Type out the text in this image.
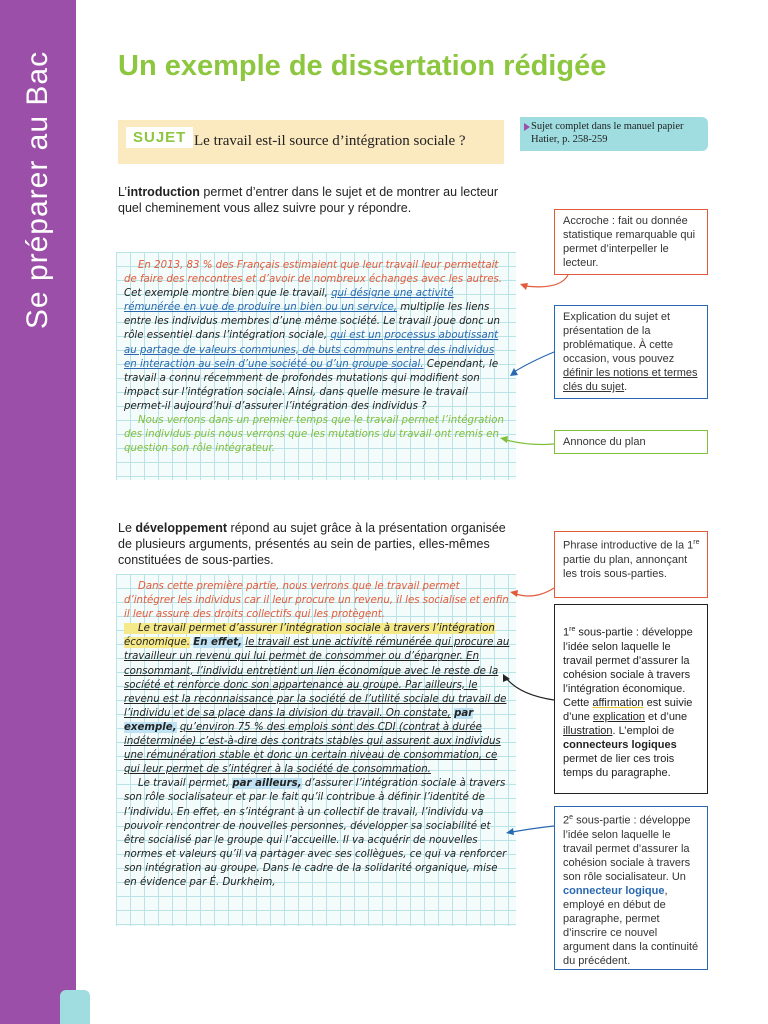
Se préparer au Bac Un exemple de dissertation rédigée
SUJET Le travail est-il source d’intégration sociale ?
Sujet complet dans le manuel papier Hatier, p. 258-259

L’introduction permet d’entrer dans le sujet et de montrer au lecteur quel cheminement vous allez suivre pour y répondre.

En 2013, 83 % des Français estimaient que leur travail leur permettait de faire des rencontres et d’avoir de nombreux échanges avec les autres. Cet exemple montre bien que le travail, qui désigne une activité rémunérée en vue de produire un bien ou un service, multiplie les liens entre les individus membres d’une même société. Le travail joue donc un rôle essentiel dans l’intégration sociale, qui est un processus aboutissant au partage de valeurs communes, de buts communs entre des individus en interaction au sein d’une société ou d’un groupe social. Cependant, le travail a connu récemment de profondes mutations qui modifient son impact sur l’intégration sociale. Ainsi, dans quelle mesure le travail permet-il aujourd’hui d’assurer l’intégration des individus ?
Nous verrons dans un premier temps que le travail permet l’intégration des individus puis nous verrons que les mutations du travail ont remis en question son rôle intégrateur.

Le développement répond au sujet grâce à la présentation organisée de plusieurs arguments, présentés au sein de parties, elles-mêmes constituées de sous-parties.

Dans cette première partie, nous verrons que le travail permet d’intégrer les individus car il leur procure un revenu, il les socialise et enfin il leur assure des droits collectifs qui les protègent.
Le travail permet d’assurer l’intégration sociale à travers l’intégration économique. En effet, le travail est une activité rémunérée qui procure au travailleur un revenu qui lui permet de consommer ou d’épargner. En consommant, l’individu entretient un lien économique avec le reste de la société et renforce donc son appartenance au groupe. Par ailleurs, le revenu est la reconnaissance par la société de l’utilité sociale du travail de l’individu et de sa place dans la division du travail. On constate, par exemple, qu’environ 75 % des emplois sont des CDI (contrat à durée indéterminée) c’est-à-dire des contrats stables qui assurent aux individus une rémunération stable et donc un certain niveau de consommation, ce qui leur permet de s’intégrer à la société de consommation.
Le travail permet, par ailleurs, d’assurer l’intégration sociale à travers son rôle socialisateur et par le fait qu’il contribue à définir l’identité de l’individu. En effet, en s’intégrant à un collectif de travail, l’individu va pouvoir rencontrer de nouvelles personnes, développer sa sociabilité et être socialisé par le groupe qui l’accueille. Il va acquérir de nouvelles normes et valeurs qu’il va partager avec ses collègues, ce qui va renforcer son intégration au groupe. Dans le cadre de la solidarité organique, mise en évidence par É. Durkheim,

Accroche : fait ou donnée statistique remarquable qui permet d’interpeller le lecteur.
Explication du sujet et présentation de la problématique. À cette occasion, vous pouvez définir les notions et termes clés du sujet.
Annonce du plan
Phrase introductive de la 1re partie du plan, annonçant les trois sous-parties.
1re sous-partie : développe l’idée selon laquelle le travail permet d’assurer la cohésion sociale à travers l’intégration économique. Cette affirmation est suivie d’une explication et d’une illustration. L’emploi de connecteurs logiques permet de lier ces trois temps du paragraphe.
2e sous-partie : développe l’idée selon laquelle le travail permet d’assurer la cohésion sociale à travers son rôle socialisateur. Un connecteur logique, employé en début de paragraphe, permet d’inscrire ce nouvel argument dans la continuité du précédent.
